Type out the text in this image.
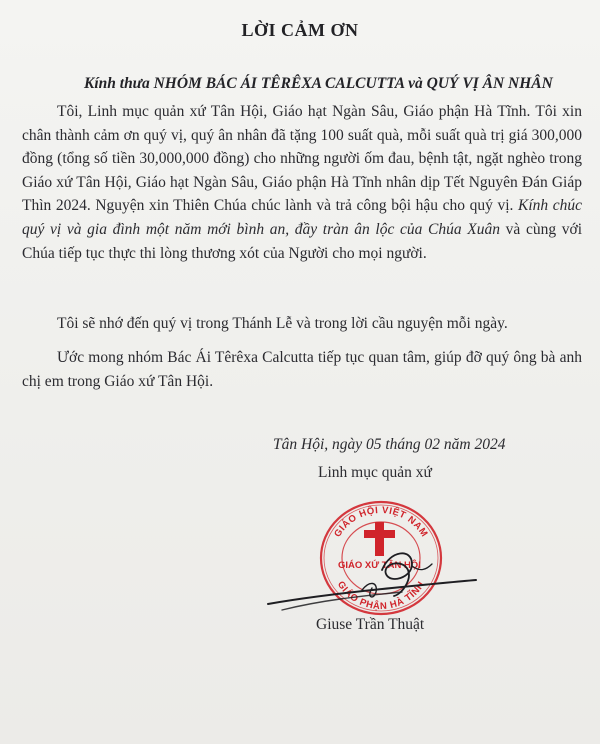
LỜI CẢM ƠN
Kính thưa NHÓM BÁC ÁI TÊRÊXA CALCUTTA và QUÝ VỊ ÂN NHÂN

Tôi, Linh mục quản xứ Tân Hội, Giáo hạt Ngàn Sâu, Giáo phận Hà Tĩnh. Tôi xin chân thành cảm ơn quý vị, quý ân nhân đã tặng 100 suất quà, mỗi suất quà trị giá 300,000 đồng (tổng số tiền 30,000,000 đồng) cho những người ốm đau, bệnh tật, ngặt nghèo trong Giáo xứ Tân Hội, Giáo hạt Ngàn Sâu, Giáo phận Hà Tĩnh nhân dịp Tết Nguyên Đán Giáp Thìn 2024. Nguyện xin Thiên Chúa chúc lành và trả công bội hậu cho quý vị. Kính chúc quý vị và gia đình một năm mới bình an, đầy tràn ân lộc của Chúa Xuân và cùng với Chúa tiếp tục thực thi lòng thương xót của Người cho mọi người.

Tôi sẽ nhớ đến quý vị trong Thánh Lễ và trong lời cầu nguyện mỗi ngày.

Ước mong nhóm Bác Ái Têrêxa Calcutta tiếp tục quan tâm, giúp đỡ quý ông bà anh chị em trong Giáo xứ Tân Hội.

Tân Hội, ngày 05 tháng 02 năm 2024
Linh mục quản xứ
GIÁO HỘI VIỆT NAM
GIÁO PHẬN HÀ TĨNH
GIÁO XỨ TÂN HỘI
Giuse Trần Thuật
